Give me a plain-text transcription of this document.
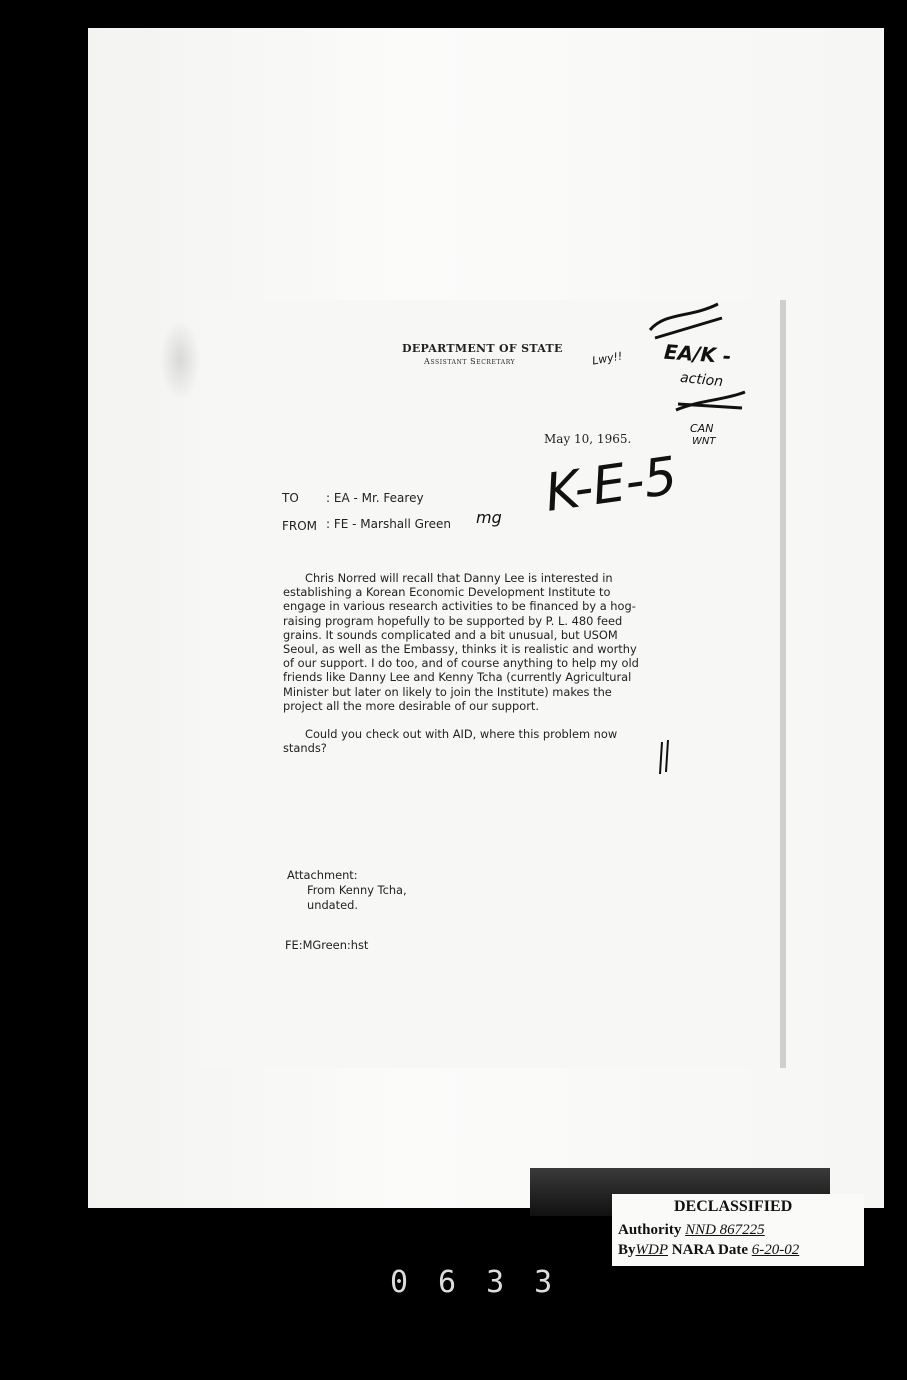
DEPARTMENT OF STATE
Assistant Secretary
May 10, 1965.
TO : EA - Mr. Fearey
FROM : FE - Marshall Green

Chris Norred will recall that Danny Lee is interested in establishing a Korean Economic Development Institute to engage in various research activities to be financed by a hog-raising program hopefully to be supported by P. L. 480 feed grains. It sounds complicated and a bit unusual, but USOM Seoul, as well as the Embassy, thinks it is realistic and worthy of our support. I do too, and of course anything to help my old friends like Danny Lee and Kenny Tcha (currently Agricultural Minister but later on likely to join the Institute) makes the project all the more desirable of our support.

Could you check out with AID, where this problem now stands?

Attachment:
From Kenny Tcha,
undated.
FE:MGreen:hst
K-E-5
mg
Lwy!! EA/K -
action
CAN
WNT
DECLASSIFIED
Authority NND 867225
ByWDP NARA Date 6-20-02
0633
